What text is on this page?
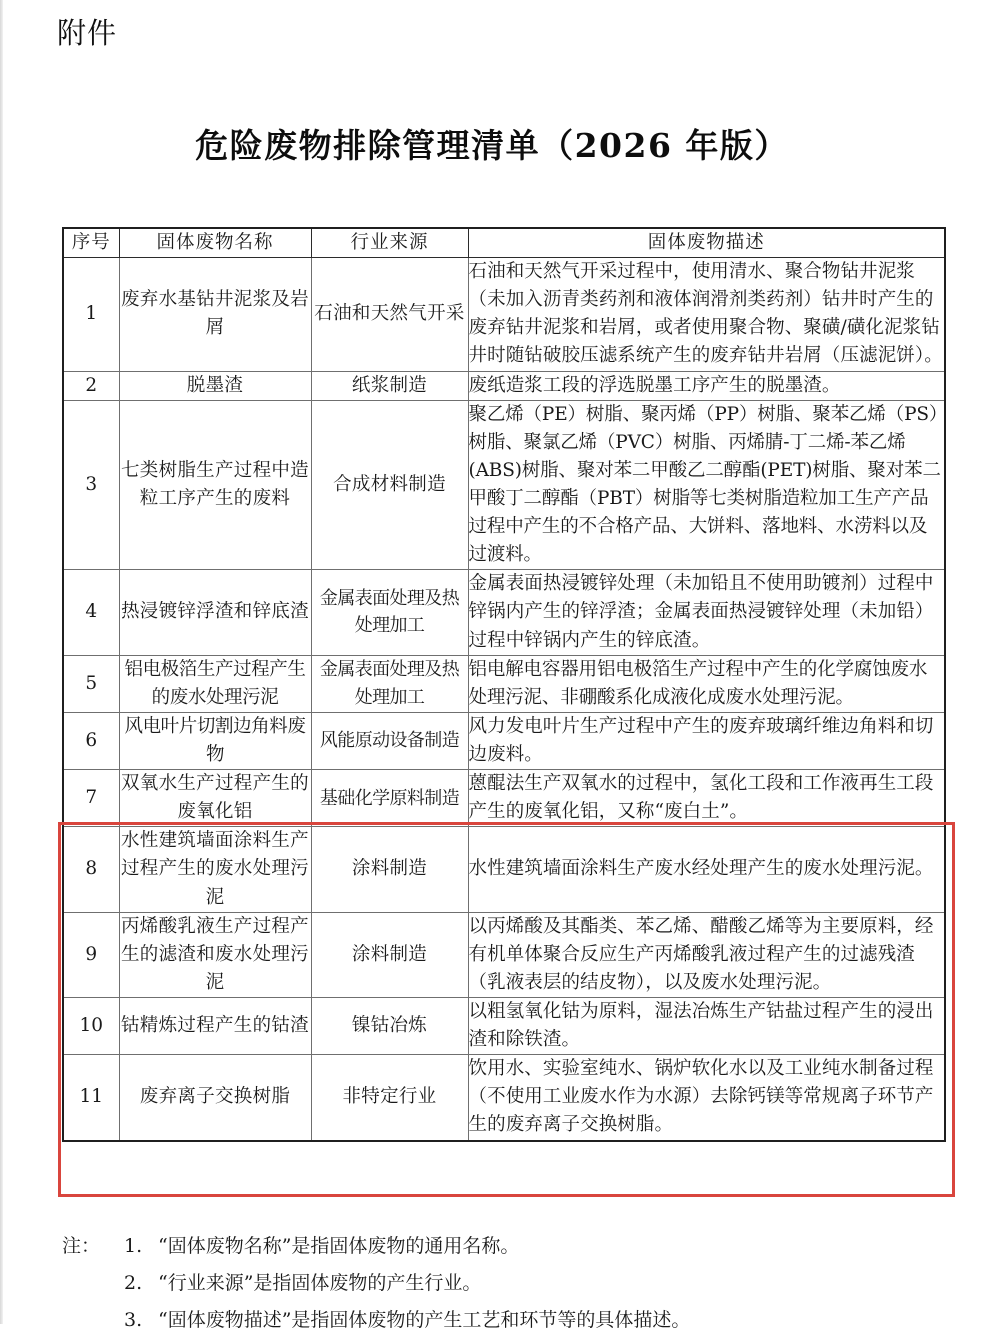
附件
危险废物排除管理清单（2026 年版）
序号	固体废物名称	行业来源	固体废物描述
1	废弃水基钻井泥浆及岩屑	石油和天然气开采	石油和天然气开采过程中，使用清水、聚合物钻井泥浆（未加入沥青类药剂和液体润滑剂类药剂）钻井时产生的废弃钻井泥浆和岩屑，或者使用聚合物、聚磺/磺化泥浆钻井时随钻破胶压滤系统产生的废弃钻井岩屑（压滤泥饼）。
2	脱墨渣	纸浆制造	废纸造浆工段的浮选脱墨工序产生的脱墨渣。
3	七类树脂生产过程中造粒工序产生的废料	合成材料制造	聚乙烯（PE）树脂、聚丙烯（PP）树脂、聚苯乙烯（PS）树脂、聚氯乙烯（PVC）树脂、丙烯腈-丁二烯-苯乙烯(ABS)树脂、聚对苯二甲酸乙二醇酯(PET)树脂、聚对苯二甲酸丁二醇酯（PBT）树脂等七类树脂造粒加工生产产品过程中产生的不合格产品、大饼料、落地料、水涝料以及过渡料。
4	热浸镀锌浮渣和锌底渣	金属表面处理及热处理加工	金属表面热浸镀锌处理（未加铅且不使用助镀剂）过程中锌锅内产生的锌浮渣；金属表面热浸镀锌处理（未加铅）过程中锌锅内产生的锌底渣。
5	铝电极箔生产过程产生的废水处理污泥	金属表面处理及热处理加工	铝电解电容器用铝电极箔生产过程中产生的化学腐蚀废水处理污泥、非硼酸系化成液化成废水处理污泥。
6	风电叶片切割边角料废物	风能原动设备制造	风力发电叶片生产过程中产生的废弃玻璃纤维边角料和切边废料。
7	双氧水生产过程产生的废氧化铝	基础化学原料制造	蒽醌法生产双氧水的过程中，氢化工段和工作液再生工段产生的废氧化铝，又称“废白土”。
8	水性建筑墙面涂料生产过程产生的废水处理污泥	涂料制造	水性建筑墙面涂料生产废水经处理产生的废水处理污泥。
9	丙烯酸乳液生产过程产生的滤渣和废水处理污泥	涂料制造	以丙烯酸及其酯类、苯乙烯、醋酸乙烯等为主要原料，经有机单体聚合反应生产丙烯酸乳液过程产生的过滤残渣（乳液表层的结皮物），以及废水处理污泥。
10	钴精炼过程产生的钴渣	镍钴冶炼	以粗氢氧化钴为原料，湿法冶炼生产钴盐过程产生的浸出渣和除铁渣。
11	废弃离子交换树脂	非特定行业	饮用水、实验室纯水、锅炉软化水以及工业纯水制备过程（不使用工业废水作为水源）去除钙镁等常规离子环节产生的废弃离子交换树脂。
注：	1. “固体废物名称”是指固体废物的通用名称。
2. “行业来源”是指固体废物的产生行业。
3. “固体废物描述”是指固体废物的产生工艺和环节等的具体描述。
